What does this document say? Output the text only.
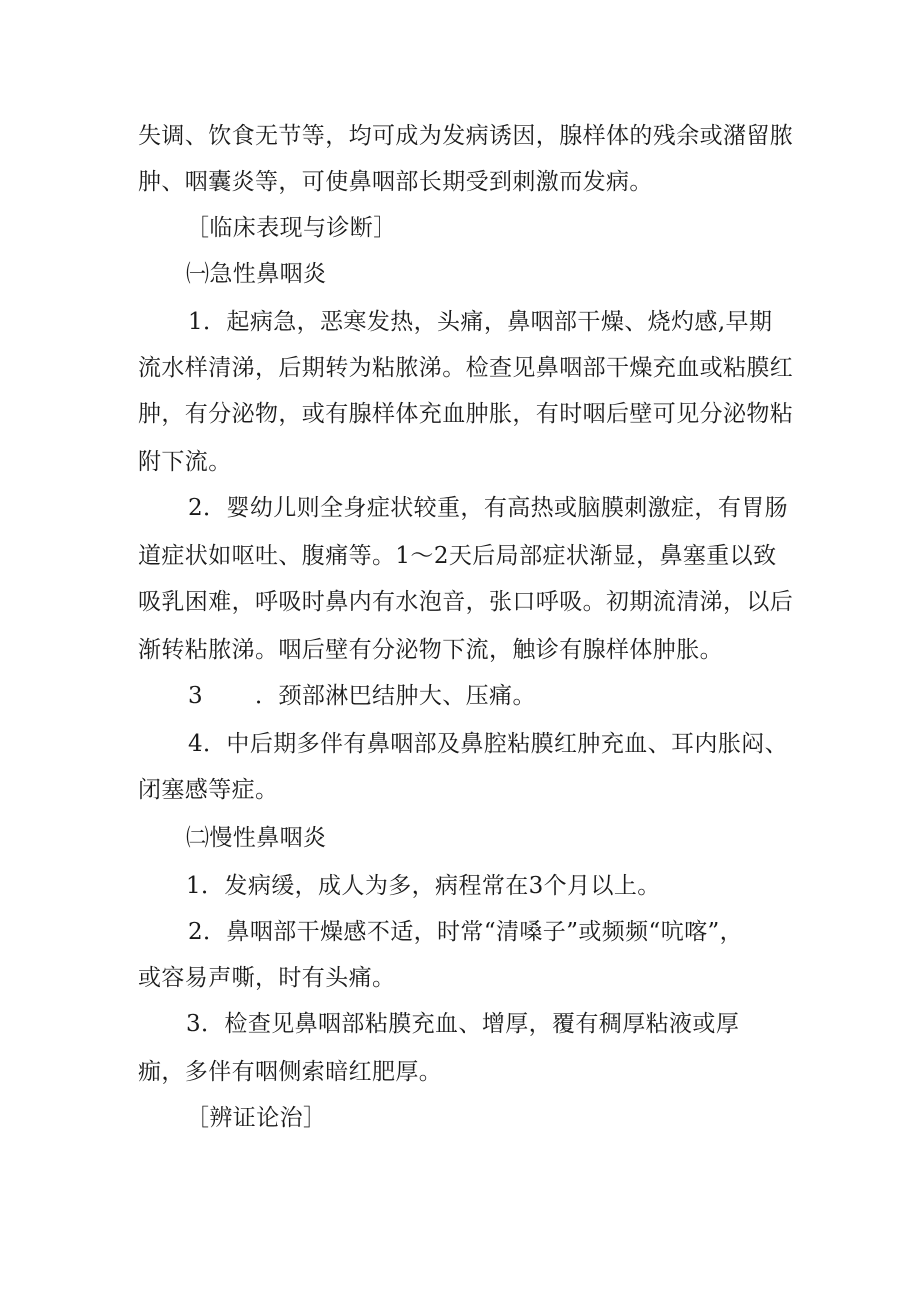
失调、饮食无节等，均可成为发病诱因，腺样体的残余或潴留脓
肿、咽囊炎等，可使鼻咽部长期受到刺激而发病。
［临床表现与诊断］
㈠急性鼻咽炎
1．起病急，恶寒发热，头痛，鼻咽部干燥、烧灼感,早期
流水样清涕，后期转为粘脓涕。检查见鼻咽部干燥充血或粘膜红
肿，有分泌物，或有腺样体充血肿胀，有时咽后壁可见分泌物粘
附下流。
2．婴幼儿则全身症状较重，有高热或脑膜刺激症，有胃肠
道症状如呕吐、腹痛等。1～2天后局部症状渐显，鼻塞重以致
吸乳困难，呼吸时鼻内有水泡音，张口呼吸。初期流清涕，以后
渐转粘脓涕。咽后壁有分泌物下流，触诊有腺样体肿胀。
3 ．颈部淋巴结肿大、压痛。
4．中后期多伴有鼻咽部及鼻腔粘膜红肿充血、耳内胀闷、
闭塞感等症。
㈡慢性鼻咽炎
1．发病缓，成人为多，病程常在3个月以上。
2．鼻咽部干燥感不适，时常“清嗓子”或频频“吭喀”，
或容易声嘶，时有头痛。
3．检查见鼻咽部粘膜充血、增厚，覆有稠厚粘液或厚
痂，多伴有咽侧索暗红肥厚。
［辨证论治］
